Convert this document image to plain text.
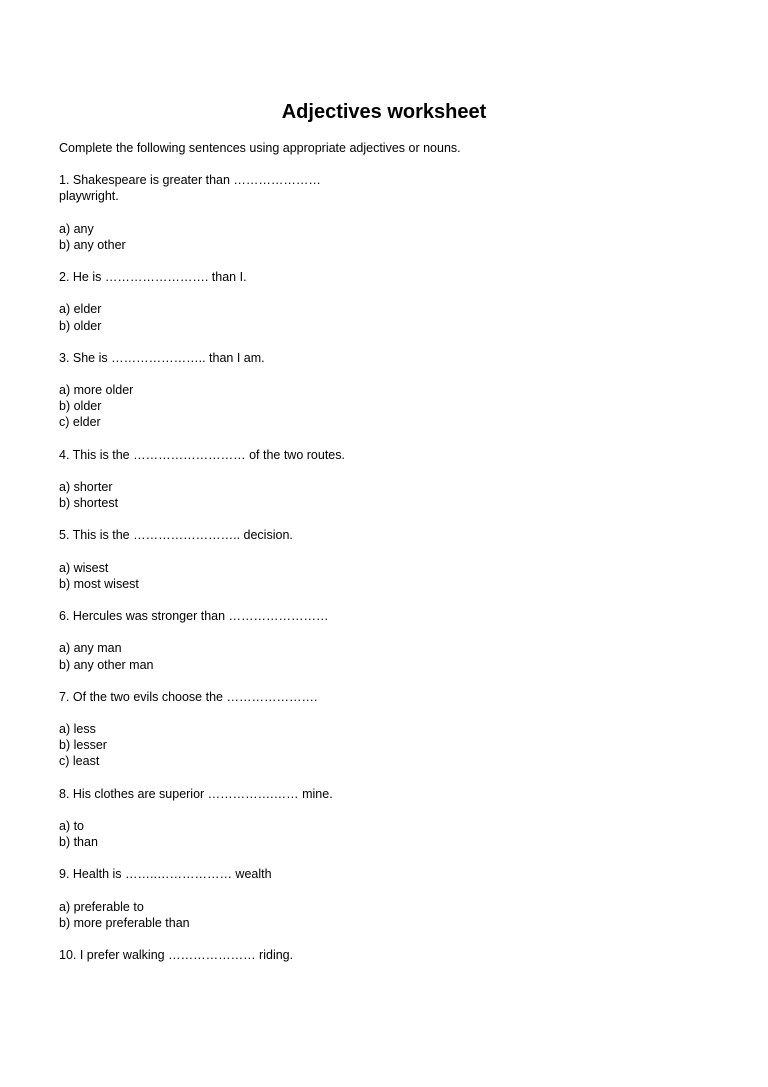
Adjectives worksheet
Complete the following sentences using appropriate adjectives or nouns.
1. Shakespeare is greater than …………………
playwright.
a) any
b) any other
2. He is ……………………. than I.
a) elder
b) older
3. She is ………………….. than I am.
a) more older
b) older
c) elder
4. This is the ……………………… of the two routes.
a) shorter
b) shortest
5. This is the …………………….. decision.
a) wisest
b) most wisest
6. Hercules was stronger than ……………………
a) any man
b) any other man
7. Of the two evils choose the ………………….
a) less
b) lesser
c) least
8. His clothes are superior …………….…… mine.
a) to
b) than
9. Health is ……..……………… wealth
a) preferable to
b) more preferable than
10. I prefer walking ………………… riding.
